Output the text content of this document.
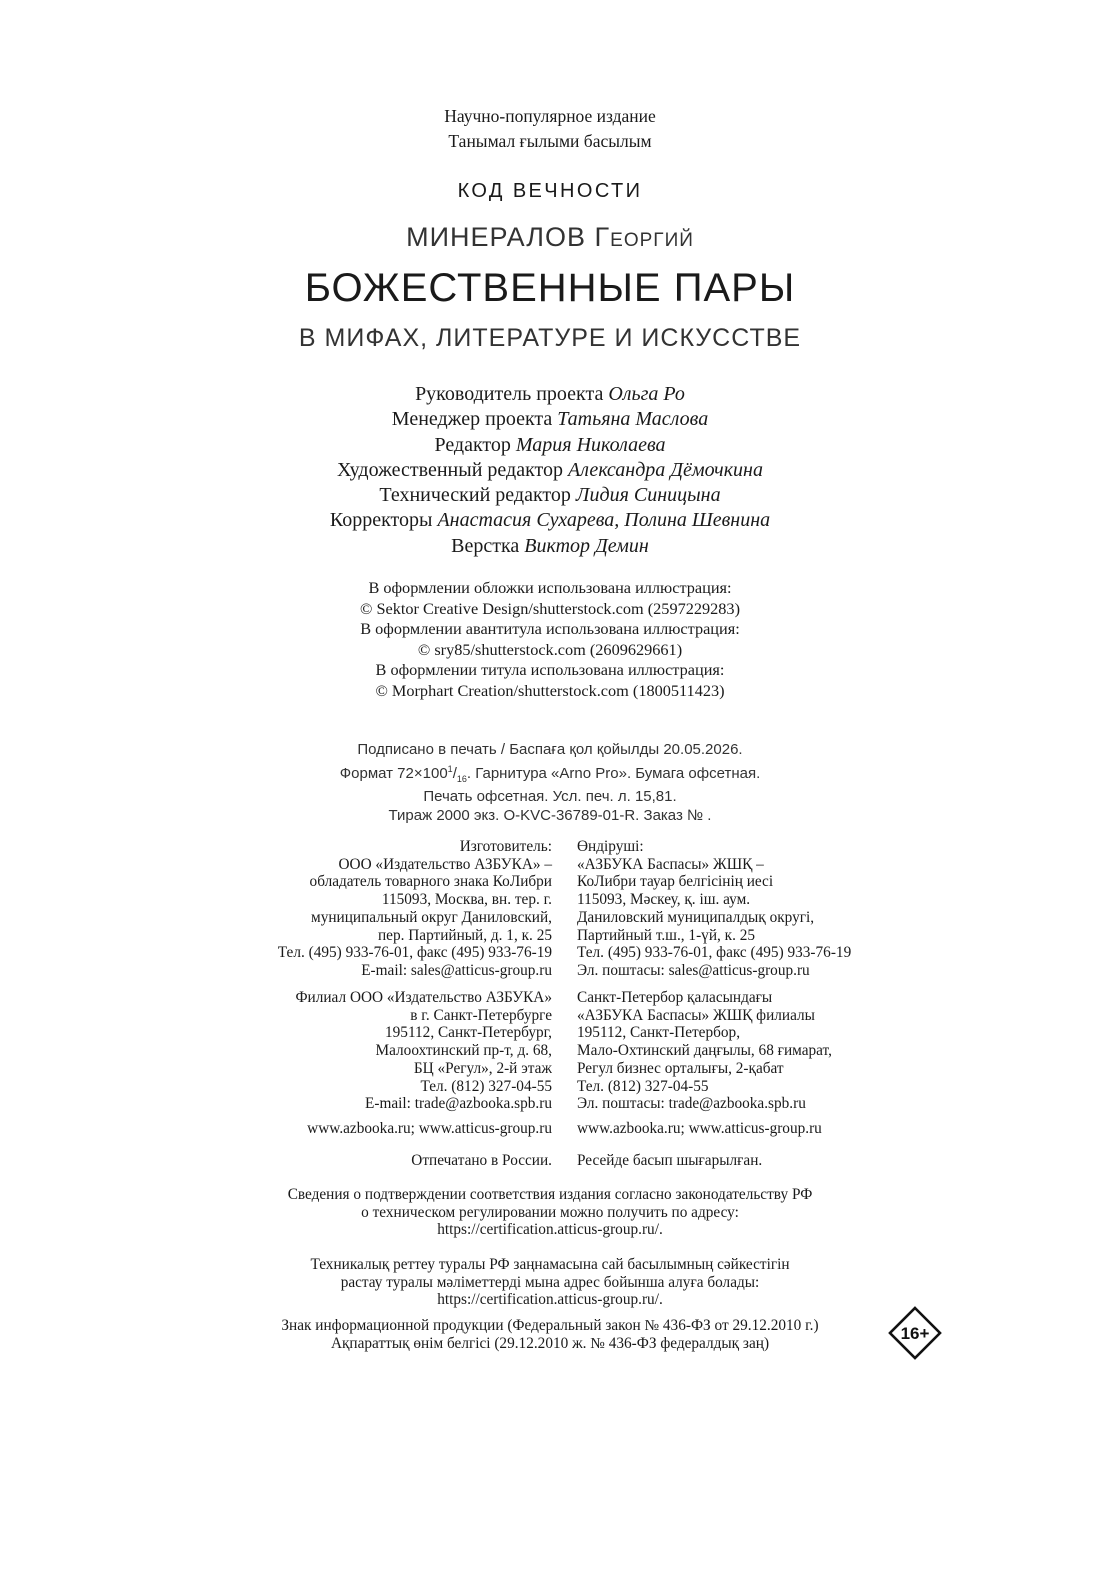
Научно-популярное издание
Танымал ғылыми басылым
КОД ВЕЧНОСТИ
МИНЕРАЛОВ Георгий
БОЖЕСТВЕННЫЕ ПАРЫ
В МИФАХ, ЛИТЕРАТУРЕ И ИСКУССТВЕ
Руководитель проекта Ольга Ро
Менеджер проекта Татьяна Маслова
Редактор Мария Николаева
Художественный редактор Александра Дёмочкина
Технический редактор Лидия Синицына
Корректоры Анастасия Сухарева, Полина Шевнина
Верстка Виктор Демин
В оформлении обложки использована иллюстрация:
© Sektor Creative Design/shutterstock.com (2597229283)
В оформлении авантитула использована иллюстрация:
© sry85/shutterstock.com (2609629661)
В оформлении титула использована иллюстрация:
© Morphart Creation/shutterstock.com (1800511423)
Подписано в печать / Баспаға қол қойылды 20.05.2026.
Формат $72\times 100^1/_{16}$. Гарнитура «Arno Pro». Бумага офсетная.
Печать офсетная. Усл. печ. л. 15,81.
Тираж 2000 экз. O-KVC-36789-01-R. Заказ № .
Изготовитель:
ООО «Издательство АЗБУКА» –
обладатель товарного знака КоЛибри
115093, Москва, вн. тер. г.
муниципальный округ Даниловский,
пер. Партийный, д. 1, к. 25
Тел. (495) 933-76-01, факс (495) 933-76-19
E-mail: sales@atticus-group.ru
Өндіруші:
«АЗБУКА Баспасы» ЖШҚ –
КоЛибри тауар белгісінің иесі
115093, Мәскеу, қ. іш. аум.
Даниловский муниципалдық округі,
Партийный т.ш., 1-үй, к. 25
Тел. (495) 933-76-01, факс (495) 933-76-19
Эл. поштасы: sales@atticus-group.ru
Филиал ООО «Издательство АЗБУКА»
в г. Санкт-Петербурге
195112, Санкт-Петербург,
Малоохтинский пр-т, д. 68,
БЦ «Регул», 2-й этаж
Тел. (812) 327-04-55
E-mail: trade@azbooka.spb.ru
Санкт-Петербор қаласындағы
«АЗБУКА Баспасы» ЖШҚ филиалы
195112, Санкт-Петербор,
Мало-Охтинский даңғылы, 68 ғимарат,
Регул бизнес орталығы, 2-қабат
Тел. (812) 327-04-55
Эл. поштасы: trade@azbooka.spb.ru
www.azbooka.ru; www.atticus-group.ru www.azbooka.ru; www.atticus-group.ru
Отпечатано в России. Ресейде басып шығарылған.
Сведения о подтверждении соответствия издания согласно законодательству РФ
о техническом регулировании можно получить по адресу:
https://certification.atticus-group.ru/.
Техникалық реттеу туралы РФ заңнамасына сай басылымның сәйкестігін
растау туралы мәліметтерді мына адрес бойынша алуға болады:
https://certification.atticus-group.ru/.
Знак информационной продукции (Федеральный закон № 436-ФЗ от 29.12.2010 г.)
Ақпараттық өнім белгісі (29.12.2010 ж. № 436-ФЗ федералдық заң)
16+
